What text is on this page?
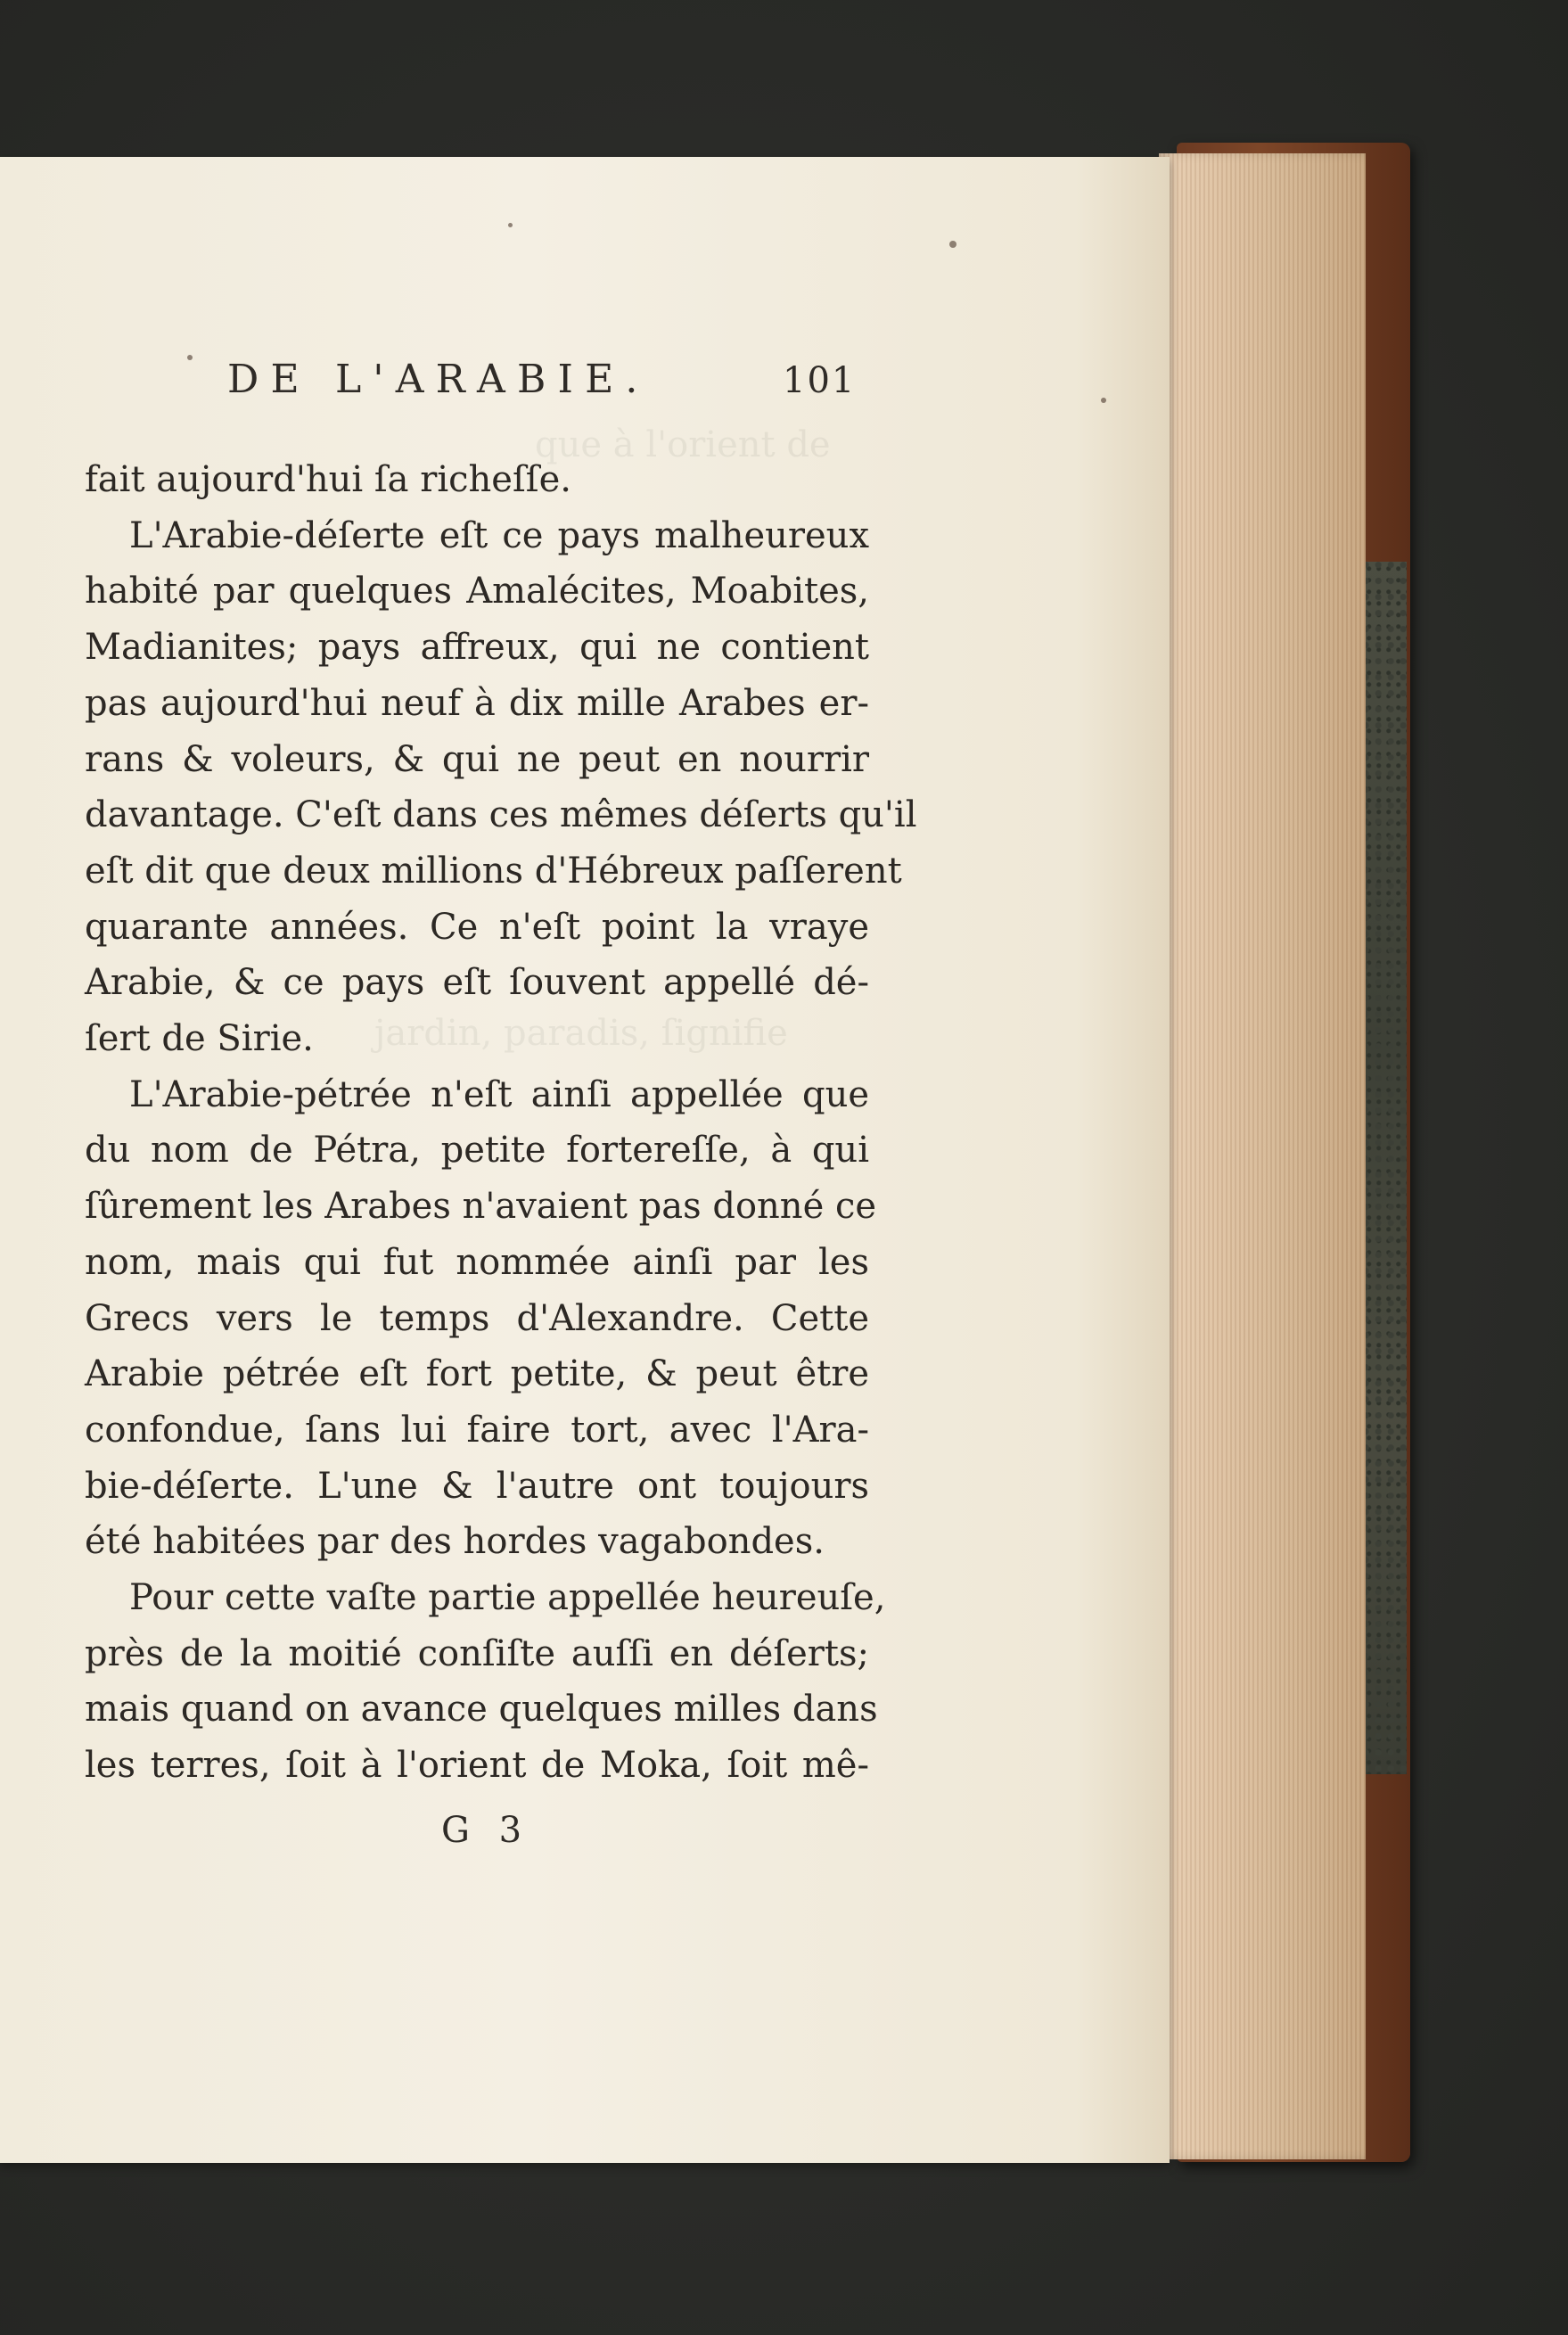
que à l'orient de
jardin, paradis, ſignifie
DE L'ARABIE.	101
fait aujourd'hui ſa richeſſe.
L'Arabie-déſerte eſt ce pays malheureux
habité par quelques Amalécites, Moabites,
Madianites; pays affreux, qui ne contient
pas aujourd'hui neuf à dix mille Arabes er-
rans & voleurs, & qui ne peut en nourrir
davantage. C'eſt dans ces mêmes déſerts qu'il
eſt dit que deux millions d'Hébreux paſſerent
quarante années. Ce n'eſt point la vraye
Arabie, & ce pays eſt ſouvent appellé dé-
ſert de Sirie.
L'Arabie-pétrée n'eſt ainſi appellée que
du nom de Pétra, petite fortereſſe, à qui
ſûrement les Arabes n'avaient pas donné ce
nom, mais qui fut nommée ainſi par les
Grecs vers le temps d'Alexandre. Cette
Arabie pétrée eſt fort petite, & peut être
confondue, ſans lui faire tort, avec l'Ara-
bie-déſerte. L'une & l'autre ont toujours
été habitées par des hordes vagabondes.
Pour cette vaſte partie appellée heureuſe,
près de la moitié conſiſte auſſi en déſerts;
mais quand on avance quelques milles dans
les terres, ſoit à l'orient de Moka, ſoit mê-
G 3
